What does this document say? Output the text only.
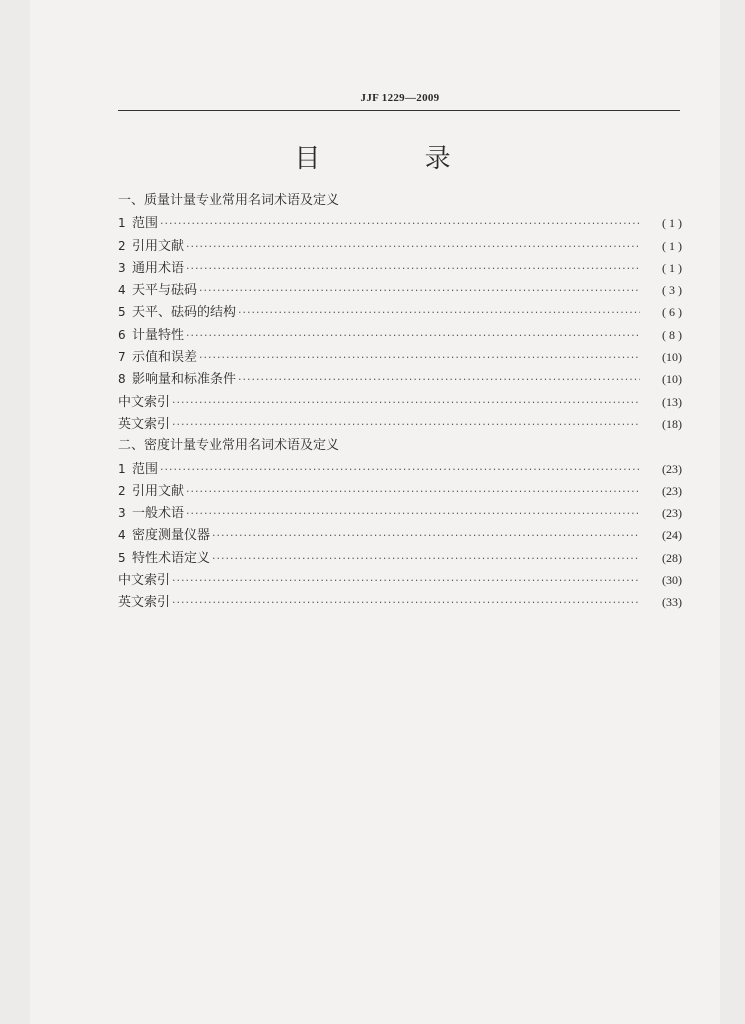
JJF 1229—2009
目 录
一、质量计量专业常用名词术语及定义
1 范围 ·····	( 1 )
2 引用文献 ·····	( 1 )
3 通用术语 ·····	( 1 )
4 天平与砝码 ·····	( 3 )
5 天平、砝码的结构 ·····	( 6 )
6 计量特性 ·····	( 8 )
7 示值和误差 ·····	(10)
8 影响量和标准条件 ·····	(10)
中文索引 ·····	(13)
英文索引 ·····	(18)
二、密度计量专业常用名词术语及定义
1 范围 ·····	(23)
2 引用文献 ·····	(23)
3 一般术语 ·····	(23)
4 密度测量仪器 ·····	(24)
5 特性术语定义 ·····	(28)
中文索引 ·····	(30)
英文索引 ·····	(33)
